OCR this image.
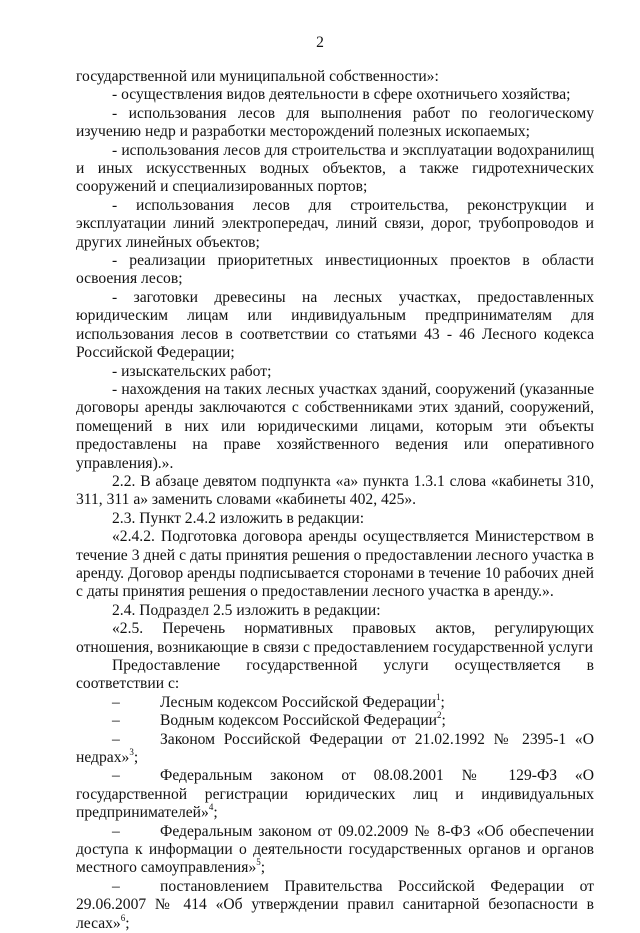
2

государственной или муниципальной собственности»:

- осуществления видов деятельности в сфере охотничьего хозяйства;

- использования лесов для выполнения работ по геологическому изучению недр и разработки месторождений полезных ископаемых;

- использования лесов для строительства и эксплуатации водохранилищ и иных искусственных водных объектов, а также гидротехнических сооружений и специализированных портов;

- использования лесов для строительства, реконструкции и эксплуатации линий электропередач, линий связи, дорог, трубопроводов и других линейных объектов;

- реализации приоритетных инвестиционных проектов в области освоения лесов;

- заготовки древесины на лесных участках, предоставленных юридическим лицам или индивидуальным предпринимателям для использования лесов в соответствии со статьями 43 - 46 Лесного кодекса Российской Федерации;

- изыскательских работ;

- нахождения на таких лесных участках зданий, сооружений (указанные договоры аренды заключаются с собственниками этих зданий, сооружений, помещений в них или юридическими лицами, которым эти объекты предоставлены на праве хозяйственного ведения или оперативного управления).».

2.2. В абзаце девятом подпункта «а» пункта 1.3.1 слова «кабинеты 310, 311, 311 а» заменить словами «кабинеты 402, 425».

2.3. Пункт 2.4.2 изложить в редакции:

«2.4.2. Подготовка договора аренды осуществляется Министерством в течение 3 дней с даты принятия решения о предоставлении лесного участка в аренду. Договор аренды подписывается сторонами в течение 10 рабочих дней с даты принятия решения о предоставлении лесного участка в аренду.».

2.4. Подраздел 2.5 изложить в редакции:

«2.5. Перечень нормативных правовых актов, регулирующих отношения, возникающие в связи с предоставлением государственной услуги

Предоставление государственной услуги осуществляется в соответствии с:

–	Лесным кодексом Российской Федерации$^1$;

–	Водным кодексом Российской Федерации$^2$;

–	Законом Российской Федерации от 21.02.1992 № 2395-1 «О недрах»$^3$;

–	Федеральным законом от 08.08.2001 № 129-ФЗ «О государственной регистрации юридических лиц и индивидуальных предпринимателей»$^4$;

–	Федеральным законом от 09.02.2009 № 8-ФЗ «Об обеспечении доступа к информации о деятельности государственных органов и органов местного самоуправления»$^5$;

–	постановлением Правительства Российской Федерации от 29.06.2007 № 414 «Об утверждении правил санитарной безопасности в лесах»$^6$;
